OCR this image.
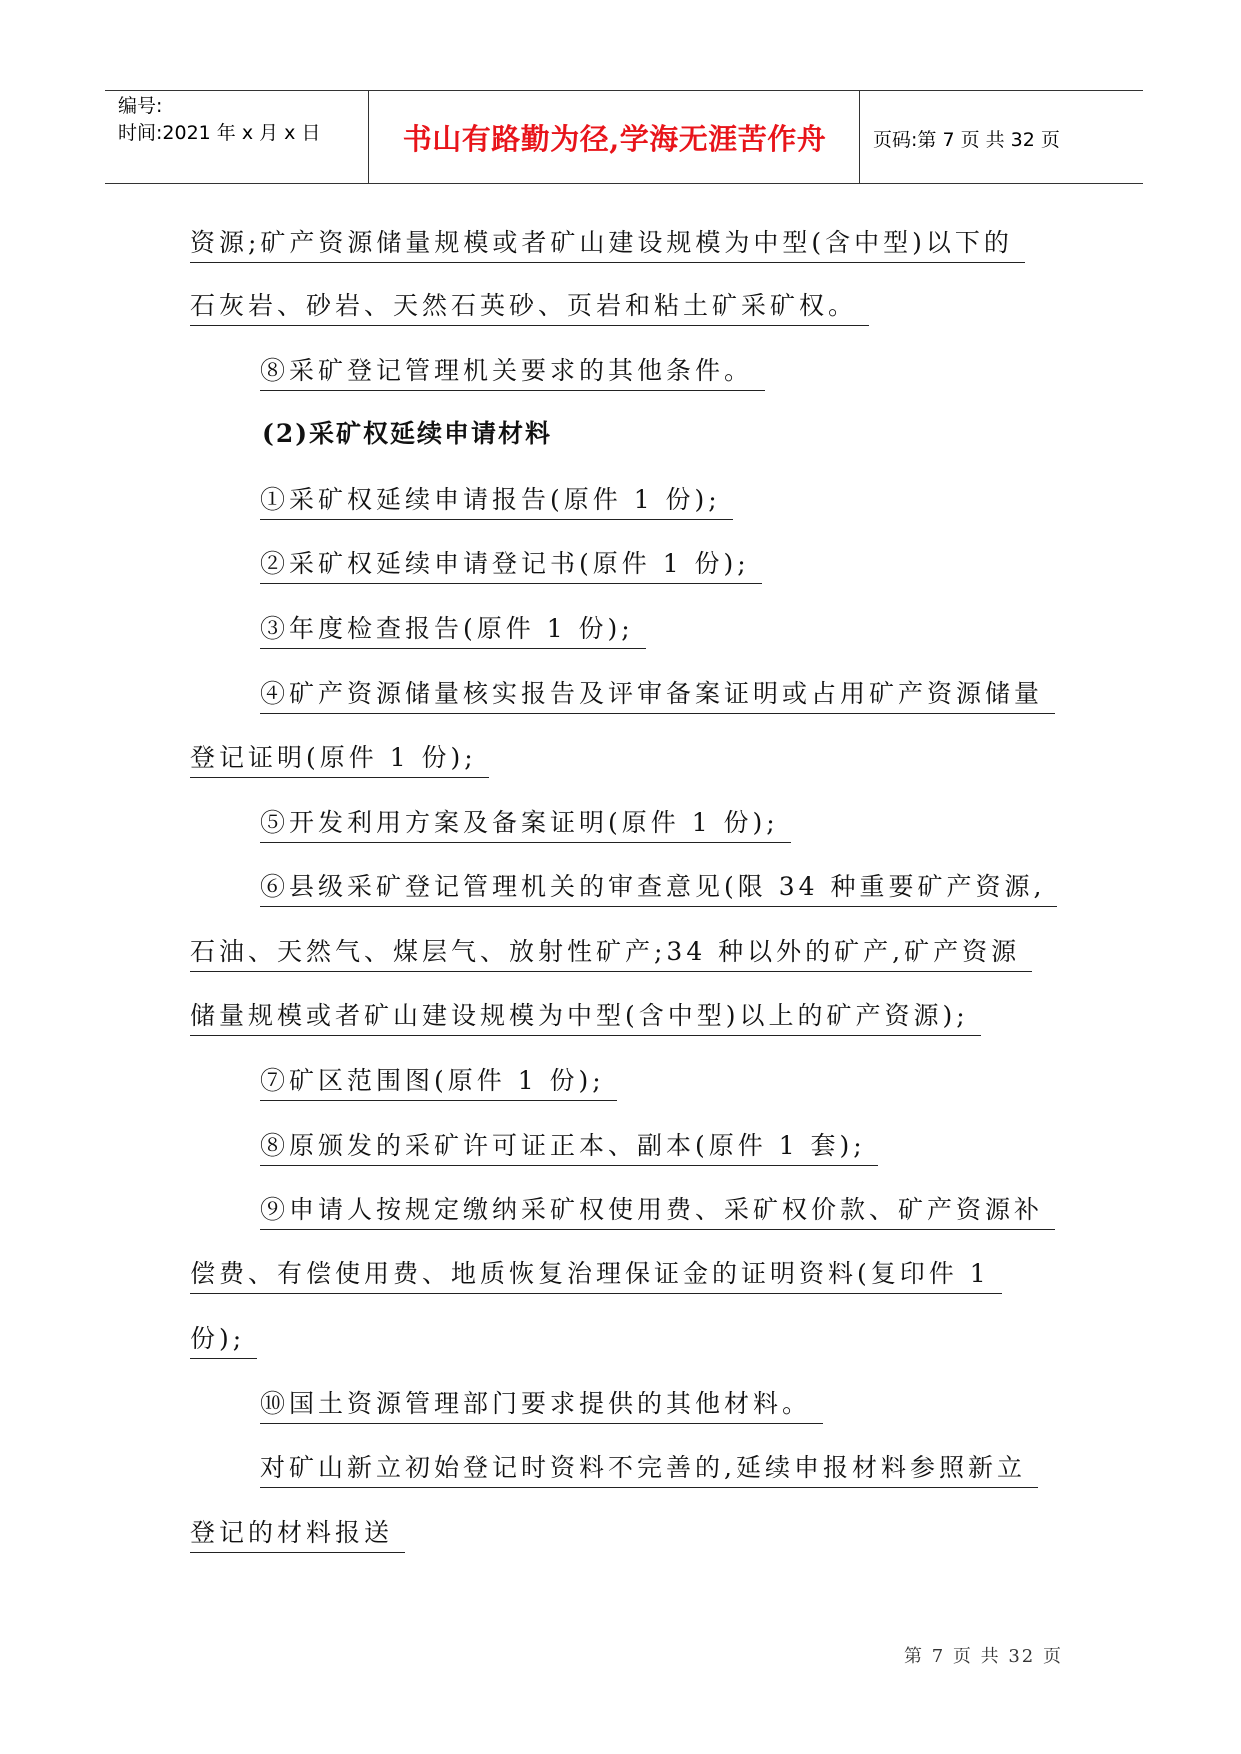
编号:
时间:2021 年 x 月 x 日	书山有路勤为径,学海无涯苦作舟	页码:第 7 页 共 32 页
资源;矿产资源储量规模或者矿山建设规模为中型(含中型)以下的
石灰岩、砂岩、天然石英砂、页岩和粘土矿采矿权。
⑧采矿登记管理机关要求的其他条件。
(2)采矿权延续申请材料
①采矿权延续申请报告(原件 1 份);
②采矿权延续申请登记书(原件 1 份);
③年度检查报告(原件 1 份);
④矿产资源储量核实报告及评审备案证明或占用矿产资源储量
登记证明(原件 1 份);
⑤开发利用方案及备案证明(原件 1 份);
⑥县级采矿登记管理机关的审查意见(限 34 种重要矿产资源,
石油、天然气、煤层气、放射性矿产;34 种以外的矿产,矿产资源
储量规模或者矿山建设规模为中型(含中型)以上的矿产资源);
⑦矿区范围图(原件 1 份);
⑧原颁发的采矿许可证正本、副本(原件 1 套);
⑨申请人按规定缴纳采矿权使用费、采矿权价款、矿产资源补
偿费、有偿使用费、地质恢复治理保证金的证明资料(复印件 1
份);
⑩国土资源管理部门要求提供的其他材料。
对矿山新立初始登记时资料不完善的,延续申报材料参照新立
登记的材料报送
第 7 页 共 32 页
